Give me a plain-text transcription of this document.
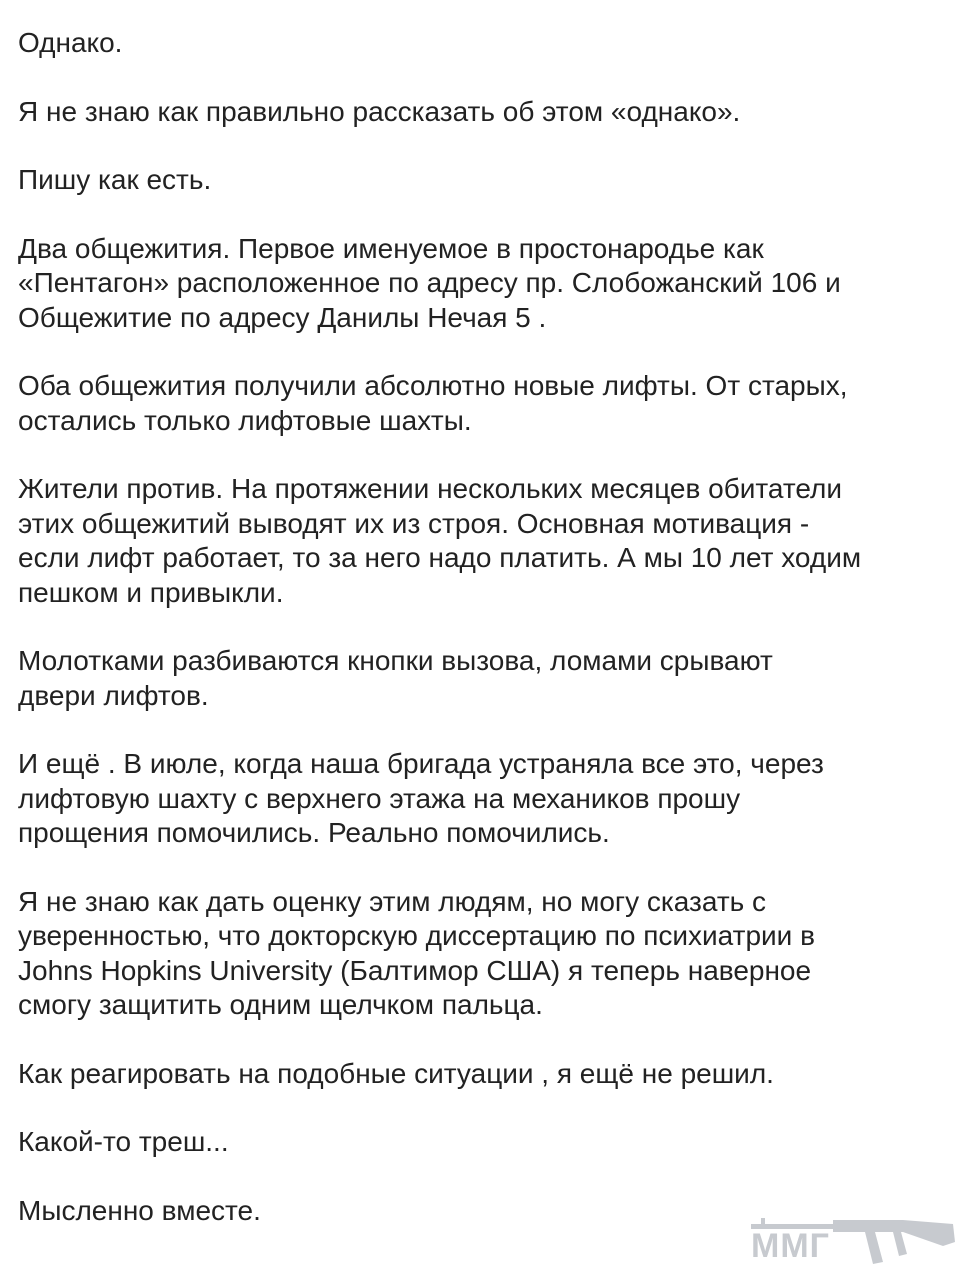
Однако.

Я не знаю как правильно рассказать об этом «однако».

Пишу как есть.

Два общежития. Первое именуемое в простонародье как
«Пентагон» расположенное по адресу пр. Слобожанский 106 и
Общежитие по адресу Данилы Нечая 5 .

Оба общежития получили абсолютно новые лифты. От старых,
остались только лифтовые шахты.

Жители против. На протяжении нескольких месяцев обитатели
этих общежитий выводят их из строя. Основная мотивация -
если лифт работает, то за него надо платить. А мы 10 лет ходим
пешком и привыкли.

Молотками разбиваются кнопки вызова, ломами срывают
двери лифтов.

И ещё . В июле, когда наша бригада устраняла все это, через
лифтовую шахту с верхнего этажа на механиков прошу
прощения помочились. Реально помочились.

Я не знаю как дать оценку этим людям, но могу сказать с
уверенностью, что докторскую диссертацию по психиатрии в
Johns Hopkins University (Балтимор США) я теперь наверное
смогу защитить одним щелчком пальца.

Как реагировать на подобные ситуации , я ещё не решил.

Какой-то треш...

Мысленно вместе.

ММГ
